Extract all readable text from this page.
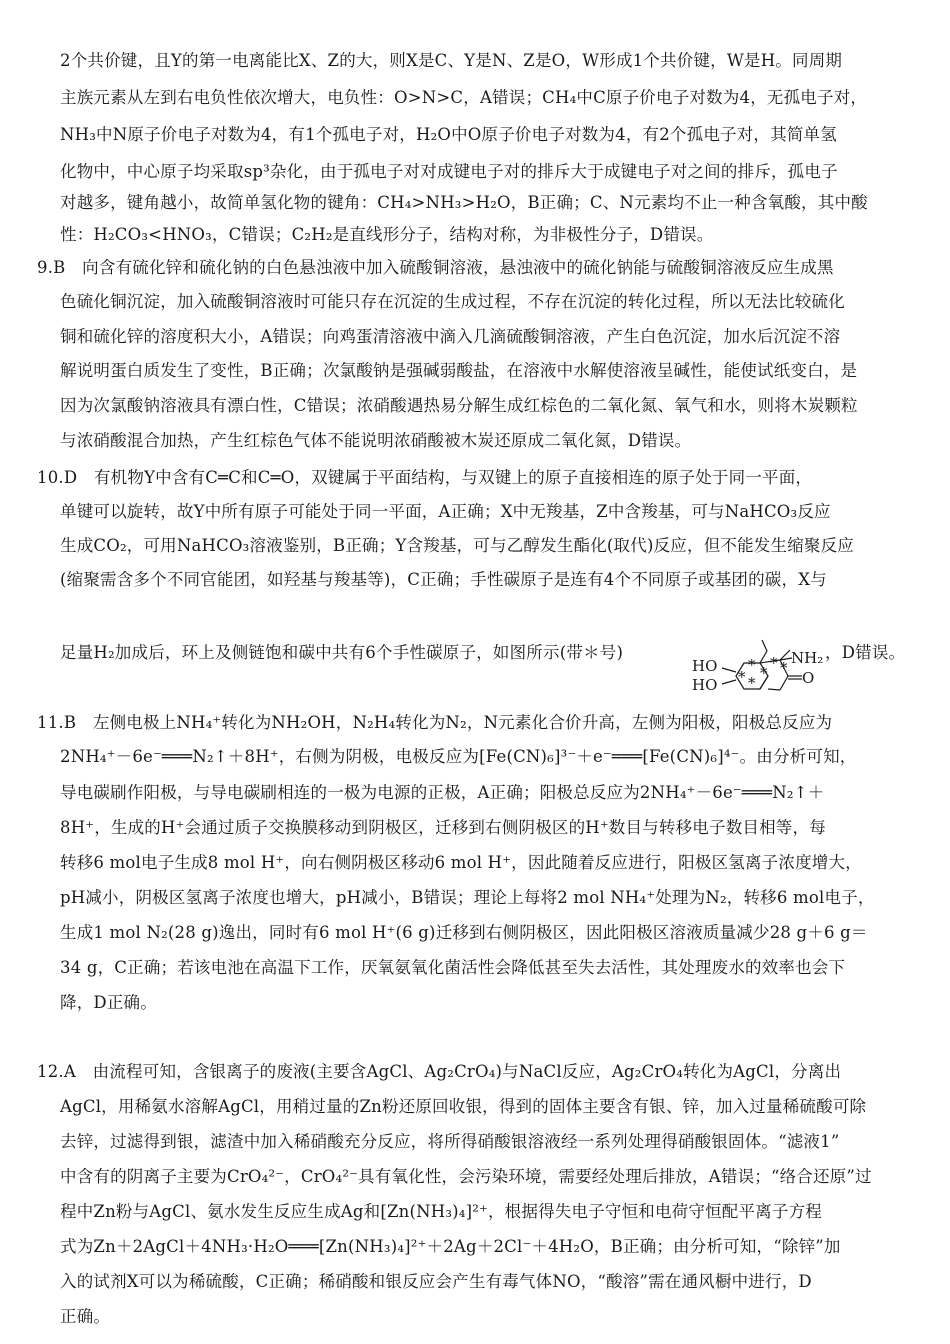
2个共价键，且Y的第一电离能比X、Z的大，则X是C、Y是N、Z是O，W形成1个共价键，W是H。同周期
主族元素从左到右电负性依次增大，电负性：O>N>C，A错误；CH₄中C原子价电子对数为4，无孤电子对，
NH₃中N原子价电子对数为4，有1个孤电子对，H₂O中O原子价电子对数为4，有2个孤电子对，其简单氢
化物中，中心原子均采取sp³杂化，由于孤电子对对成键电子对的排斥大于成键电子对之间的排斥，孤电子
对越多，键角越小，故简单氢化物的键角：CH₄>NH₃>H₂O，B正确；C、N元素均不止一种含氧酸，其中酸
性：H₂CO₃<HNO₃，C错误；C₂H₂是直线形分子，结构对称，为非极性分子，D错误。
9.B　向含有硫化锌和硫化钠的白色悬浊液中加入硫酸铜溶液，悬浊液中的硫化钠能与硫酸铜溶液反应生成黑
色硫化铜沉淀，加入硫酸铜溶液时可能只存在沉淀的生成过程，不存在沉淀的转化过程，所以无法比较硫化
铜和硫化锌的溶度积大小，A错误；向鸡蛋清溶液中滴入几滴硫酸铜溶液，产生白色沉淀，加水后沉淀不溶
解说明蛋白质发生了变性，B正确；次氯酸钠是强碱弱酸盐，在溶液中水解使溶液呈碱性，能使试纸变白，是
因为次氯酸钠溶液具有漂白性，C错误；浓硝酸遇热易分解生成红棕色的二氧化氮、氧气和水，则将木炭颗粒
与浓硝酸混合加热，产生红棕色气体不能说明浓硝酸被木炭还原成二氧化氮，D错误。
10.D　有机物Y中含有C═C和C═O，双键属于平面结构，与双键上的原子直接相连的原子处于同一平面，
单键可以旋转，故Y中所有原子可能处于同一平面，A正确；X中无羧基，Z中含羧基，可与NaHCO₃反应
生成CO₂，可用NaHCO₃溶液鉴别，B正确；Y含羧基，可与乙醇发生酯化(取代)反应，但不能发生缩聚反应
(缩聚需含多个不同官能团，如羟基与羧基等)，C正确；手性碳原子是连有4个不同原子或基团的碳，X与
足量H₂加成后，环上及侧链饱和碳中共有6个手性碳原子，如图所示(带＊号)
*
* *
*
* *
HO
HO
NH₂
O
，D错误。
11.B　左侧电极上NH₄⁺转化为NH₂OH，N₂H₄转化为N₂，N元素化合价升高，左侧为阳极，阳极总反应为
2NH₄⁺－6e⁻═══N₂↑＋8H⁺，右侧为阴极，电极反应为[Fe(CN)₆]³⁻＋e⁻═══[Fe(CN)₆]⁴⁻。由分析可知，
导电碳刷作阳极，与导电碳刷相连的一极为电源的正极，A正确；阳极总反应为2NH₄⁺－6e⁻═══N₂↑＋
8H⁺，生成的H⁺会通过质子交换膜移动到阴极区，迁移到右侧阴极区的H⁺数目与转移电子数目相等，每
转移6 mol电子生成8 mol H⁺，向右侧阴极区移动6 mol H⁺，因此随着反应进行，阳极区氢离子浓度增大，
pH减小，阴极区氢离子浓度也增大，pH减小，B错误；理论上每将2 mol NH₄⁺处理为N₂，转移6 mol电子，
生成1 mol N₂(28 g)逸出，同时有6 mol H⁺(6 g)迁移到右侧阴极区，因此阳极区溶液质量减少28 g＋6 g＝
34 g，C正确；若该电池在高温下工作，厌氧氨氧化菌活性会降低甚至失去活性，其处理废水的效率也会下
降，D正确。
12.A　由流程可知，含银离子的废液(主要含AgCl、Ag₂CrO₄)与NaCl反应，Ag₂CrO₄转化为AgCl，分离出
AgCl，用稀氨水溶解AgCl，用稍过量的Zn粉还原回收银，得到的固体主要含有银、锌，加入过量稀硫酸可除
去锌，过滤得到银，滤渣中加入稀硝酸充分反应，将所得硝酸银溶液经一系列处理得硝酸银固体。“滤液1”
中含有的阴离子主要为CrO₄²⁻，CrO₄²⁻具有氧化性，会污染环境，需要经处理后排放，A错误；“络合还原”过
程中Zn粉与AgCl、氨水发生反应生成Ag和[Zn(NH₃)₄]²⁺，根据得失电子守恒和电荷守恒配平离子方程
式为Zn＋2AgCl＋4NH₃·H₂O═══[Zn(NH₃)₄]²⁺＋2Ag＋2Cl⁻＋4H₂O，B正确；由分析可知，“除锌”加
入的试剂X可以为稀硫酸，C正确；稀硝酸和银反应会产生有毒气体NO，“酸溶”需在通风橱中进行，D
正确。
